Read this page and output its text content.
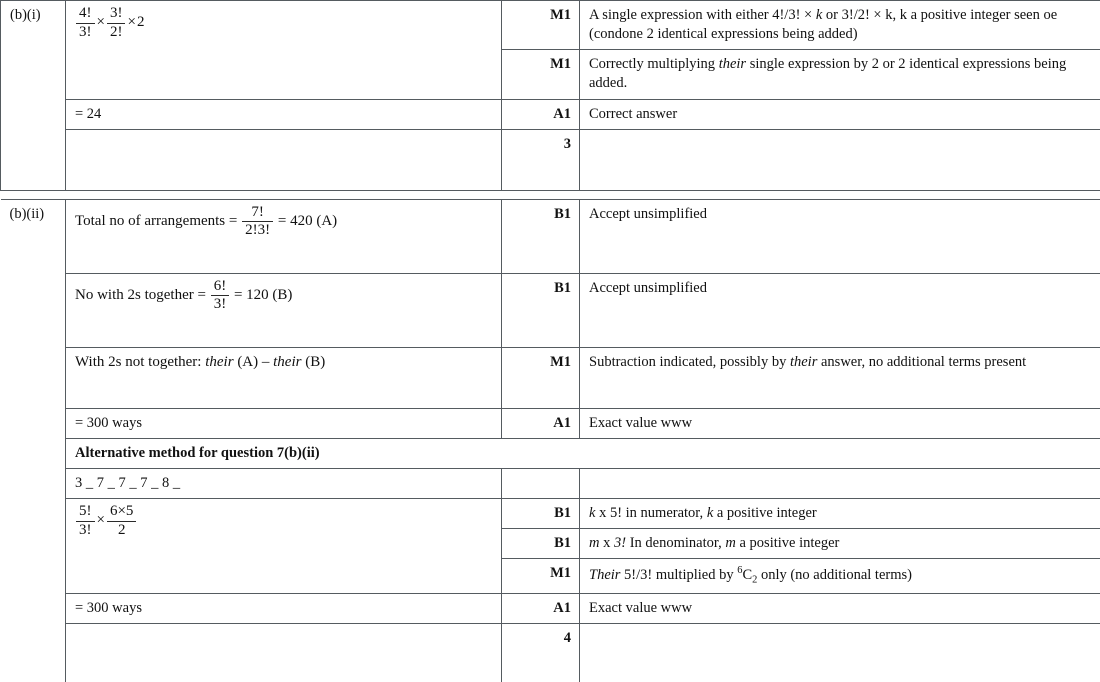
(b)(i)	$\frac{4!}{3!} \times \frac{3!}{2!} \times 2$	M1	A single expression with either 4!/3! × k or 3!/2! × k, k a positive integer seen oe (condone 2 identical expressions being added)
		M1	Correctly multiplying their single expression by 2 or 2 identical expressions being added.
	= 24	A1	Correct answer
		3	

(b)(ii)	Total no of arrangements = $\frac{7!}{2!3!} = 420$ (A)	B1	Accept unsimplified
	No with 2s together = $\frac{6!}{3!} = 120$ (B)	B1	Accept unsimplified
	With 2s not together: their (A) – their (B)	M1	Subtraction indicated, possibly by their answer, no additional terms present
	= 300 ways	A1	Exact value www
	Alternative method for question 7(b)(ii)		
	3 _ 7 _ 7 _ 7 _ 8 _		

	$\frac{5!}{3!} \times \frac{6\times 5}{2}$	B1	k x 5! in numerator, k a positive integer
		B1	m x 3! In denominator, m a positive integer
		M1	Their 5!/3! multiplied by $^6C_2$ only (no additional terms)
	= 300 ways	A1	Exact value www
		4	
